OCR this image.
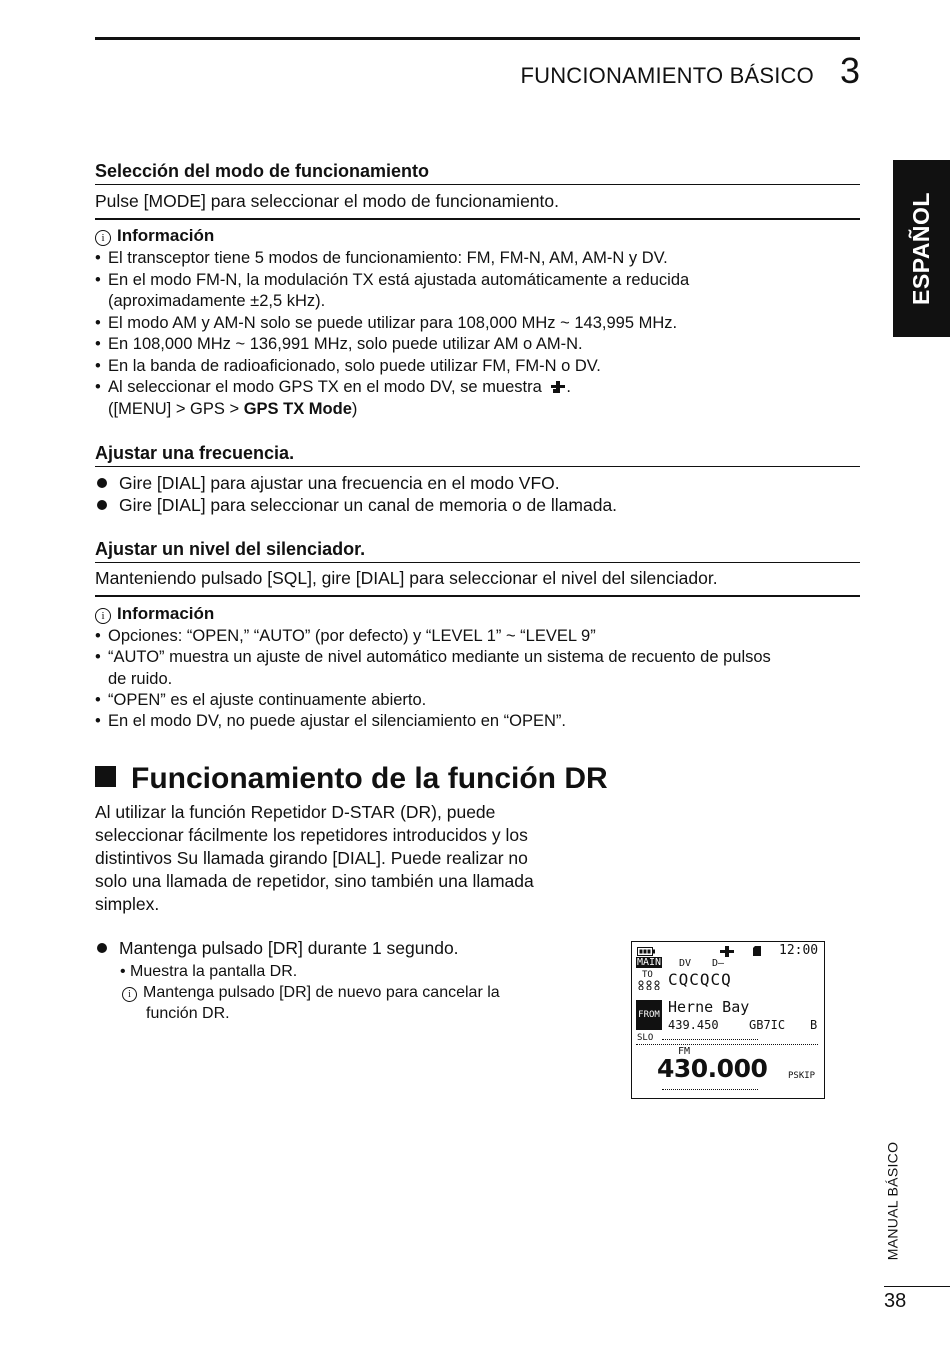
FUNCIONAMIENTO BÁSICO 3
ESPAÑOL
Selección del modo de funcionamiento
Pulse [MODE] para seleccionar el modo de funcionamiento.
i Información
• El transceptor tiene 5 modos de funcionamiento: FM, FM-N, AM, AM-N y DV.
• En el modo FM-N, la modulación TX está ajustada automáticamente a reducida
(aproximadamente ±2,5 kHz).
• El modo AM y AM-N solo se puede utilizar para 108,000 MHz ~ 143,995 MHz.
• En 108,000 MHz ~ 136,991 MHz, solo puede utilizar AM o AM-N.
• En la banda de radioaficionado, solo puede utilizar FM, FM-N o DV.
• Al seleccionar el modo GPS TX en el modo DV, se muestra .
([MENU] > GPS > GPS TX Mode)
Ajustar una frecuencia.
Gire [DIAL] para ajustar una frecuencia en el modo VFO.
Gire [DIAL] para seleccionar un canal de memoria o de llamada.
Ajustar un nivel del silenciador.
Manteniendo pulsado [SQL], gire [DIAL] para seleccionar el nivel del silenciador.
i Información
• Opciones: “OPEN,” “AUTO” (por defecto) y “LEVEL 1” ~ “LEVEL 9”
• “AUTO” muestra un ajuste de nivel automático mediante un sistema de recuento de pulsos
de ruido.
• “OPEN” es el ajuste continuamente abierto.
• En el modo DV, no puede ajustar el silenciamiento en “OPEN”.
Funcionamiento de la función DR
Al utilizar la función Repetidor D-STAR (DR), puede
seleccionar fácilmente los repetidores introducidos y los
distintivos Su llamada girando [DIAL]. Puede realizar no
solo una llamada de repetidor, sino también una llamada
simplex.
Mantenga pulsado [DR] durante 1 segundo.
• Muestra la pantalla DR.
i Mantenga pulsado [DR] de nuevo para cancelar la
función DR.
12:00
MAIN DV D–
TO CQCQCQ
FROM Herne Bay
439.450	GB7IC B
SLO
FM
430.000 PSKIP
MANUAL BÁSICO
38
